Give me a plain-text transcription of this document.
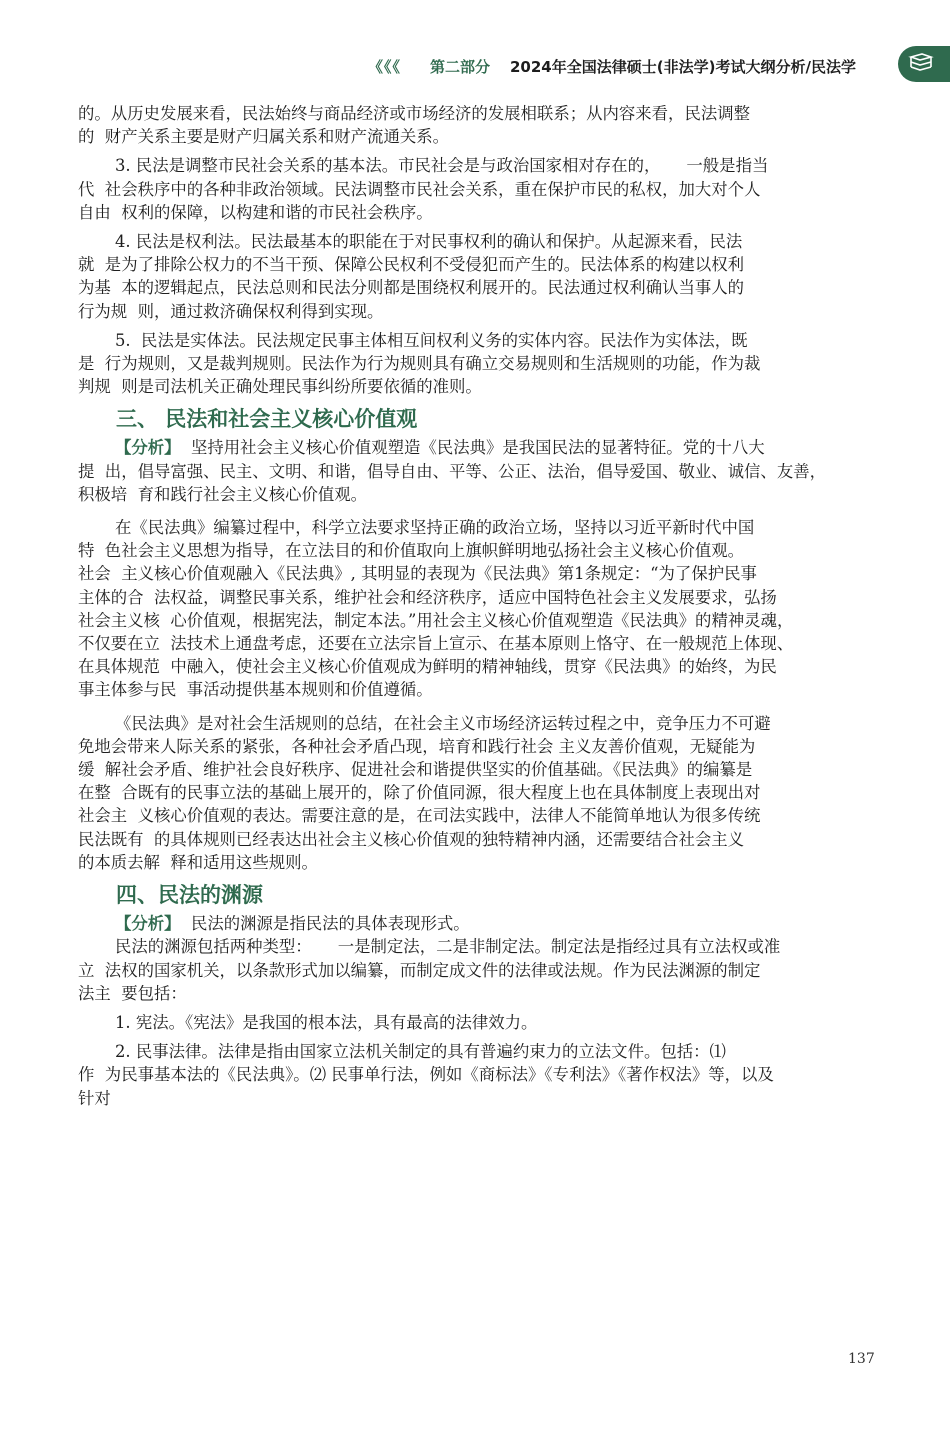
《《《 第二部分 2024年全国法律硕士(非法学)考试大纲分析/民法学

的。从历史发展来看，民法始终与商品经济或市场经济的发展相联系；从内容来看，民法调整
的  财产关系主要是财产归属关系和财产流通关系。

3. 民法是调整市民社会关系的基本法。市民社会是与政治国家相对存在的，     一般是指当
代  社会秩序中的各种非政治领域。民法调整市民社会关系，重在保护市民的私权，加大对个人
自由  权利的保障，以构建和谐的市民社会秩序。

4. 民法是权利法。民法最基本的职能在于对民事权利的确认和保护。从起源来看，民法
就  是为了排除公权力的不当干预、保障公民权利不受侵犯而产生的。民法体系的构建以权利
为基  本的逻辑起点，民法总则和民法分则都是围绕权利展开的。民法通过权利确认当事人的
行为规  则，通过救济确保权利得到实现。

5.  民法是实体法。民法规定民事主体相互间权利义务的实体内容。民法作为实体法，既
是  行为规则，又是裁判规则。民法作为行为规则具有确立交易规则和生活规则的功能，作为裁
判规  则是司法机关正确处理民事纠纷所要依循的准则。

三、 民法和社会主义核心价值观

【分析】  坚持用社会主义核心价值观塑造《民法典》是我国民法的显著特征。党的十八大
提  出，倡导富强、民主、文明、和谐，倡导自由、平等、公正、法治，倡导爱国、敬业、诚信、友善，
积极培  育和践行社会主义核心价值观。

在《民法典》编纂过程中，科学立法要求坚持正确的政治立场，坚持以习近平新时代中国
特  色社会主义思想为指导，在立法目的和价值取向上旗帜鲜明地弘扬社会主义核心价值观。
社会  主义核心价值观融入《民法典》, 其明显的表现为《民法典》第1条规定：“为了保护民事
主体的合  法权益，调整民事关系，维护社会和经济秩序，适应中国特色社会主义发展要求，弘扬
社会主义核  心价值观，根据宪法，制定本法。”用社会主义核心价值观塑造《民法典》的精神灵魂，
不仅要在立  法技术上通盘考虑，还要在立法宗旨上宣示、在基本原则上恪守、在一般规范上体现、
在具体规范  中融入，使社会主义核心价值观成为鲜明的精神轴线，贯穿《民法典》的始终，为民
事主体参与民  事活动提供基本规则和价值遵循。

《民法典》是对社会生活规则的总结，在社会主义市场经济运转过程之中，竞争压力不可避
免地会带来人际关系的紧张，各种社会矛盾凸现，培育和践行社会 主义友善价值观，无疑能为
缓  解社会矛盾、维护社会良好秩序、促进社会和谐提供坚实的价值基础。《民法典》的编纂是
在整  合既有的民事立法的基础上展开的，除了价值同源，很大程度上也在具体制度上表现出对
社会主  义核心价值观的表达。需要注意的是，在司法实践中，法律人不能简单地认为很多传统
民法既有  的具体规则已经表达出社会主义核心价值观的独特精神内涵，还需要结合社会主义
的本质去解  释和适用这些规则。

四、民法的渊源

【分析】  民法的渊源是指民法的具体表现形式。

民法的渊源包括两种类型：     一是制定法，二是非制定法。制定法是指经过具有立法权或准
立  法权的国家机关，以条款形式加以编纂，而制定成文件的法律或法规。作为民法渊源的制定
法主  要包括：

1. 宪法。《宪法》是我国的根本法，具有最高的法律效力。

2. 民事法律。法律是指由国家立法机关制定的具有普遍约束力的立法文件。包括：⑴
作  为民事基本法的《民法典》。⑵ 民事单行法，例如《商标法》《专利法》《著作权法》等，以及
针对

137
